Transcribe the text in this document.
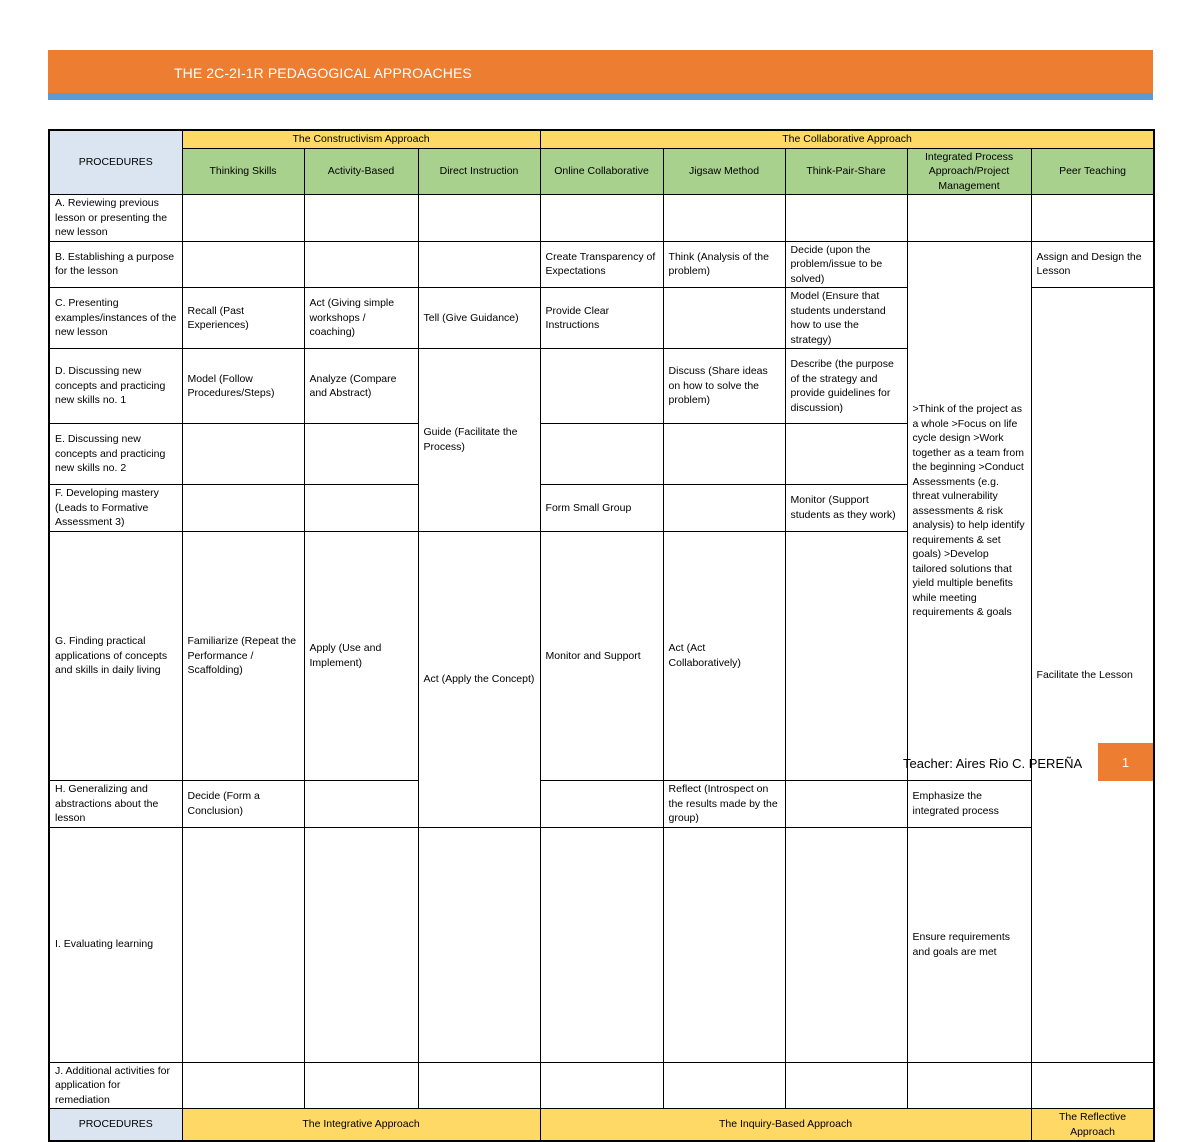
THE 2C-2I-1R PEDAGOGICAL APPROACHES
PROCEDURES	The Constructivism Approach			The Collaborative Approach					
	Thinking Skills	Activity-Based	Direct Instruction	Online Collaborative	Jigsaw Method	Think-Pair-Share	Integrated Process Approach/Project Management	Peer Teaching	
A. Reviewing previous lesson or presenting the new lesson									
B. Establishing a purpose for the lesson				Create Transparency of Expectations	Think (Analysis of the problem)	Decide (upon the problem/issue to be solved)	>Think of the project as a whole >Focus on life cycle design >Work together as a team from the beginning >Conduct Assessments (e.g. threat vulnerability assessments & risk analysis) to help identify requirements & set goals) >Develop tailored solutions that yield multiple benefits while meeting requirements & goals	Assign and Design the Lesson	
C. Presenting examples/instances of the new lesson	Recall (Past Experiences)	Act (Giving simple workshops / coaching)	Tell (Give Guidance)	Provide Clear Instructions		Model (Ensure that students understand how to use the strategy)		Facilitate the Lesson	
D. Discussing new concepts and practicing new skills no. 1	Model (Follow Procedures/Steps)	Analyze (Compare and Abstract)	Guide (Facilitate the Process)		Discuss (Share ideas on how to solve the problem)	Describe (the purpose of the strategy and provide guidelines for discussion)			
E. Discussing new concepts and practicing new skills no. 2									
F. Developing mastery (Leads to Formative Assessment 3)				Form Small Group		Monitor (Support students as they work)			
G. Finding practical applications of concepts and skills in daily living	Familiarize (Repeat the Performance / Scaffolding)	Apply (Use and Implement)	Act (Apply the Concept)	Monitor and Support	Act (Act Collaboratively)		
H. Generalizing and abstractions about the lesson	Decide (Form a Conclusion)				Reflect (Introspect on the results made by the group)		Emphasize the integrated process		
I. Evaluating learning							Ensure requirements and goals are met	
J. Additional activities for application for remediation									
PROCEDURES	The Integrative Approach			The Inquiry-Based Approach				The Reflective Approach	
Teacher: Aires Rio C. PEREÑA	1
